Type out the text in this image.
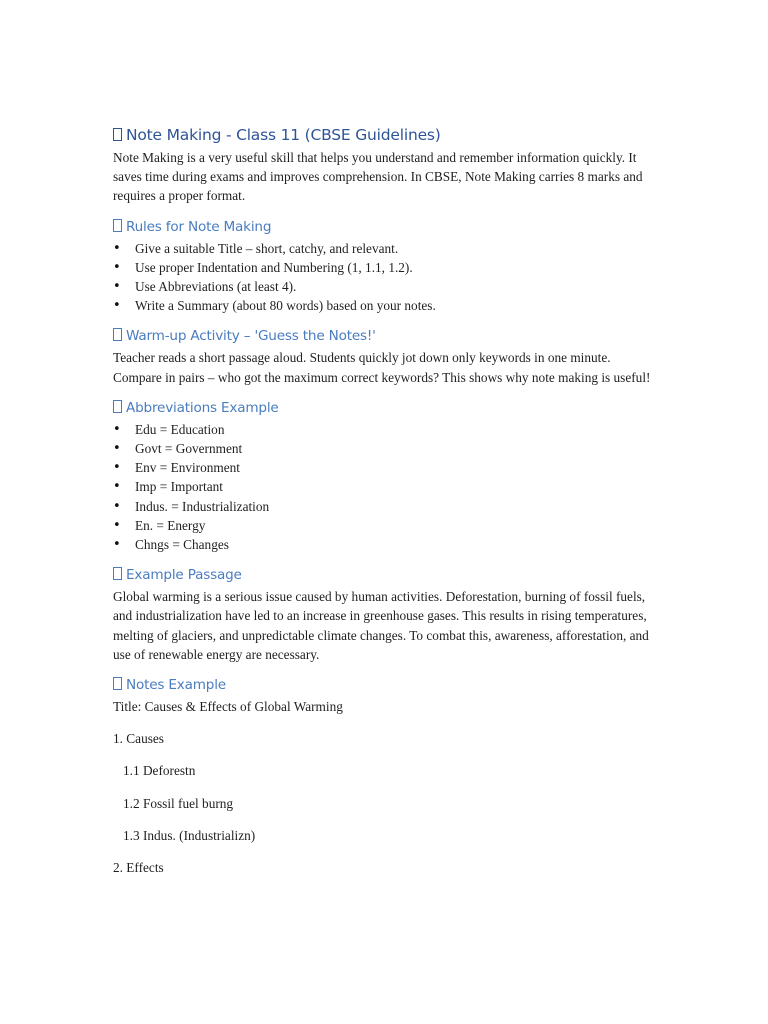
Note Making - Class 11 (CBSE Guidelines)

Note Making is a very useful skill that helps you understand and remember information quickly. It saves time during exams and improves comprehension. In CBSE, Note Making carries 8 marks and requires a proper format.

Rules for Note Making
• Give a suitable Title – short, catchy, and relevant.
• Use proper Indentation and Numbering (1, 1.1, 1.2).
• Use Abbreviations (at least 4).
• Write a Summary (about 80 words) based on your notes.
Warm-up Activity – 'Guess the Notes!'

Teacher reads a short passage aloud. Students quickly jot down only keywords in one minute. Compare in pairs – who got the maximum correct keywords? This shows why note making is useful!

Abbreviations Example
• Edu = Education
• Govt = Government
• Env = Environment
• Imp = Important
• Indus. = Industrialization
• En. = Energy
• Chngs = Changes
Example Passage

Global warming is a serious issue caused by human activities. Deforestation, burning of fossil fuels, and industrialization have led to an increase in greenhouse gases. This results in rising temperatures, melting of glaciers, and unpredictable climate changes. To combat this, awareness, afforestation, and use of renewable energy are necessary.

Notes Example

Title: Causes & Effects of Global Warming

1. Causes

1.1 Deforestn

1.2 Fossil fuel burng

1.3 Indus. (Industrializn)

2. Effects
